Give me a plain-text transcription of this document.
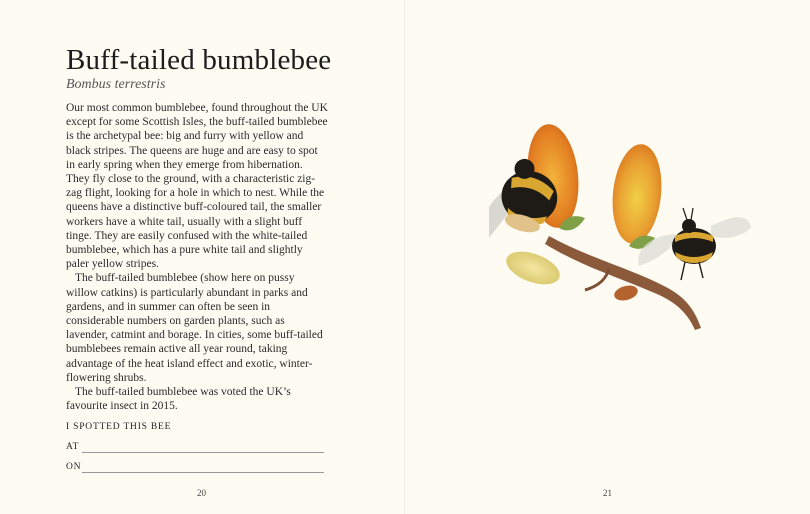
Buff-tailed bumblebee
Bombus terrestris

Our most common bumblebee, found throughout the UK except for some Scottish Isles, the buff-tailed bumblebee is the archetypal bee: big and furry with yellow and black stripes. The queens are huge and are easy to spot in early spring when they emerge from hibernation. They fly close to the ground, with a characteristic zig-zag flight, looking for a hole in which to nest. While the queens have a distinctive buff-coloured tail, the smaller workers have a white tail, usually with a slight buff tinge. They are easily confused with the white-tailed bumblebee, which has a pure white tail and slightly paler yellow stripes.

The buff-tailed bumblebee (show here on pussy willow catkins) is particularly abundant in parks and gardens, and in summer can often be seen in considerable numbers on garden plants, such as lavender, catmint and borage. In cities, some buff-tailed bumblebees remain active all year round, taking advantage of the heat island effect and exotic, winter-flowering shrubs.

The buff-tailed bumblebee was voted the UK’s favourite insect in 2015.

I SPOTTED THIS BEE
AT
ON
20	21
